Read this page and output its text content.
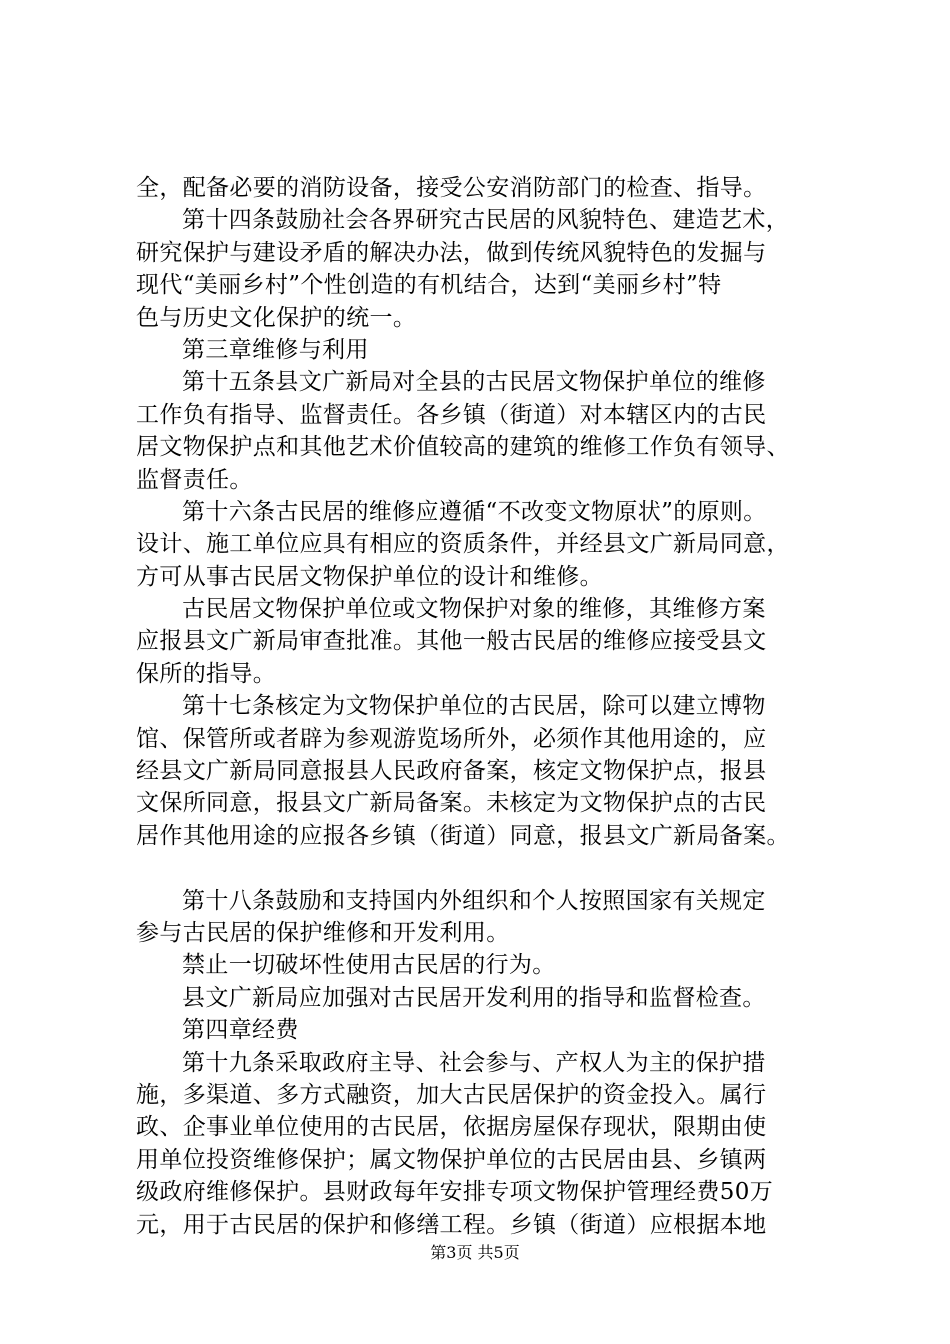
全，配备必要的消防设备，接受公安消防部门的检查、指导。
第十四条鼓励社会各界研究古民居的风貌特色、建造艺术，
研究保护与建设矛盾的解决办法，做到传统风貌特色的发掘与
现代“美丽乡村”个性创造的有机结合，达到“美丽乡村”特
色与历史文化保护的统一。
第三章维修与利用
第十五条县文广新局对全县的古民居文物保护单位的维修
工作负有指导、监督责任。各乡镇（街道）对本辖区内的古民
居文物保护点和其他艺术价值较高的建筑的维修工作负有领导、
监督责任。
第十六条古民居的维修应遵循“不改变文物原状”的原则。
设计、施工单位应具有相应的资质条件，并经县文广新局同意，
方可从事古民居文物保护单位的设计和维修。
古民居文物保护单位或文物保护对象的维修，其维修方案
应报县文广新局审查批准。其他一般古民居的维修应接受县文
保所的指导。
第十七条核定为文物保护单位的古民居，除可以建立博物
馆、保管所或者辟为参观游览场所外，必须作其他用途的，应
经县文广新局同意报县人民政府备案，核定文物保护点，报县
文保所同意，报县文广新局备案。未核定为文物保护点的古民
居作其他用途的应报各乡镇（街道）同意，报县文广新局备案。
第十八条鼓励和支持国内外组织和个人按照国家有关规定
参与古民居的保护维修和开发利用。
禁止一切破坏性使用古民居的行为。
县文广新局应加强对古民居开发利用的指导和监督检查。
第四章经费
第十九条采取政府主导、社会参与、产权人为主的保护措
施，多渠道、多方式融资，加大古民居保护的资金投入。属行
政、企事业单位使用的古民居，依据房屋保存现状，限期由使
用单位投资维修保护；属文物保护单位的古民居由县、乡镇两
级政府维修保护。县财政每年安排专项文物保护管理经费50万
元，用于古民居的保护和修缮工程。乡镇（街道）应根据本地
第3页 共5页
